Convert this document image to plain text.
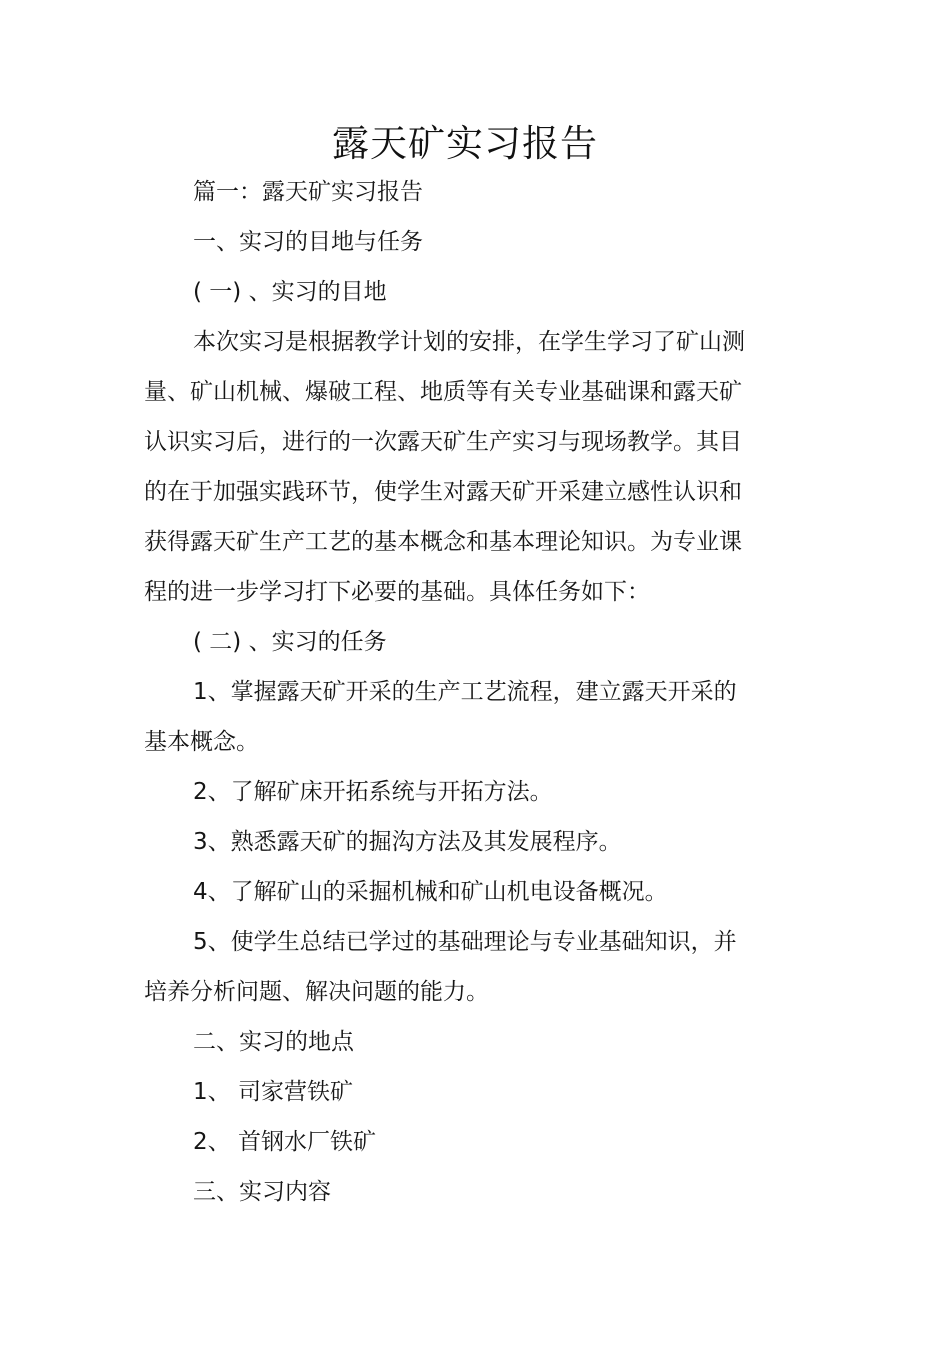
露天矿实习报告
篇一：露天矿实习报告
一、实习的目地与任务
( 一) 、实习的目地
本次实习是根据教学计划的安排，在学生学习了矿山测
量、矿山机械、爆破工程、地质等有关专业基础课和露天矿
认识实习后，进行的一次露天矿生产实习与现场教学。其目
的在于加强实践环节，使学生对露天矿开采建立感性认识和
获得露天矿生产工艺的基本概念和基本理论知识。为专业课
程的进一步学习打下必要的基础。具体任务如下：
( 二) 、实习的任务
1、掌握露天矿开采的生产工艺流程，建立露天开采的
基本概念。
2、了解矿床开拓系统与开拓方法。
3、熟悉露天矿的掘沟方法及其发展程序。
4、了解矿山的采掘机械和矿山机电设备概况。
5、使学生总结已学过的基础理论与专业基础知识，并
培养分析问题、解决问题的能力。
二、实习的地点
1、 司家营铁矿
2、 首钢水厂铁矿
三、实习内容
